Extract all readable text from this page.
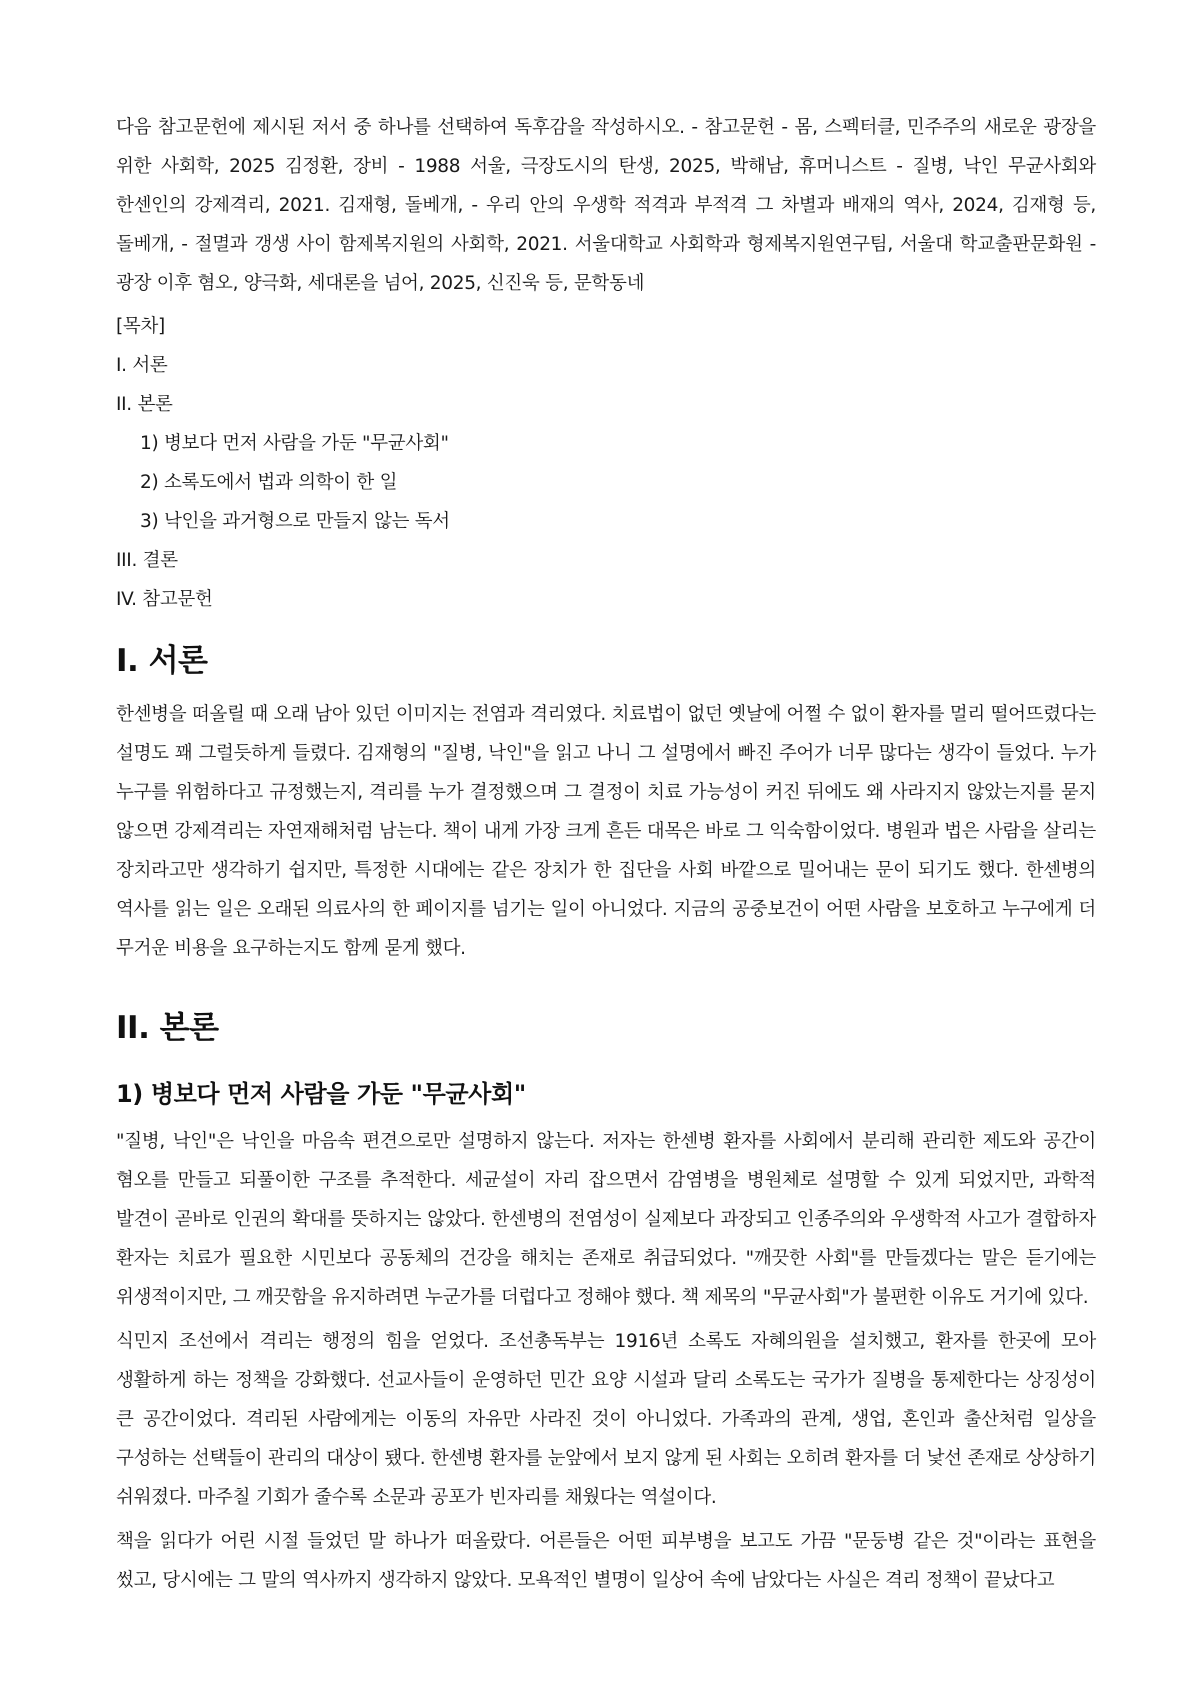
다음 참고문헌에 제시된 저서 중 하나를 선택하여 독후감을 작성하시오. - 참고문헌 - 몸, 스펙터클, 민주주의 새로운 광장을 위한 사회학, 2025 김정환, 장비 - 1988 서울, 극장도시의 탄생, 2025, 박해남, 휴머니스트 - 질병, 낙인 무균사회와 한센인의 강제격리, 2021. 김재형, 돌베개, - 우리 안의 우생학 적격과 부적격 그 차별과 배재의 역사, 2024, 김재형 등, 돌베개, - 절멸과 갱생 사이 함제복지원의 사회학, 2021. 서울대학교 사회학과 형제복지원연구팀, 서울대 학교출판문화원 - 광장 이후 혐오, 양극화, 세대론을 넘어, 2025, 신진욱 등, 문학동네

[목차]
I. 서론
II. 본론
1) 병보다 먼저 사람을 가둔 "무균사회"
2) 소록도에서 법과 의학이 한 일
3) 낙인을 과거형으로 만들지 않는 독서
III. 결론
IV. 참고문헌
I. 서론

한센병을 떠올릴 때 오래 남아 있던 이미지는 전염과 격리였다. 치료법이 없던 옛날에 어쩔 수 없이 환자를 멀리 떨어뜨렸다는 설명도 꽤 그럴듯하게 들렸다. 김재형의 "질병, 낙인"을 읽고 나니 그 설명에서 빠진 주어가 너무 많다는 생각이 들었다. 누가 누구를 위험하다고 규정했는지, 격리를 누가 결정했으며 그 결정이 치료 가능성이 커진 뒤에도 왜 사라지지 않았는지를 묻지 않으면 강제격리는 자연재해처럼 남는다. 책이 내게 가장 크게 흔든 대목은 바로 그 익숙함이었다. 병원과 법은 사람을 살리는 장치라고만 생각하기 쉽지만, 특정한 시대에는 같은 장치가 한 집단을 사회 바깥으로 밀어내는 문이 되기도 했다. 한센병의 역사를 읽는 일은 오래된 의료사의 한 페이지를 넘기는 일이 아니었다. 지금의 공중보건이 어떤 사람을 보호하고 누구에게 더 무거운 비용을 요구하는지도 함께 묻게 했다.

II. 본론
1) 병보다 먼저 사람을 가둔 "무균사회"

"질병, 낙인"은 낙인을 마음속 편견으로만 설명하지 않는다. 저자는 한센병 환자를 사회에서 분리해 관리한 제도와 공간이 혐오를 만들고 되풀이한 구조를 추적한다. 세균설이 자리 잡으면서 감염병을 병원체로 설명할 수 있게 되었지만, 과학적 발견이 곧바로 인권의 확대를 뜻하지는 않았다. 한센병의 전염성이 실제보다 과장되고 인종주의와 우생학적 사고가 결합하자 환자는 치료가 필요한 시민보다 공동체의 건강을 해치는 존재로 취급되었다. "깨끗한 사회"를 만들겠다는 말은 듣기에는 위생적이지만, 그 깨끗함을 유지하려면 누군가를 더럽다고 정해야 했다. 책 제목의 "무균사회"가 불편한 이유도 거기에 있다.

식민지 조선에서 격리는 행정의 힘을 얻었다. 조선총독부는 1916년 소록도 자혜의원을 설치했고, 환자를 한곳에 모아 생활하게 하는 정책을 강화했다. 선교사들이 운영하던 민간 요양 시설과 달리 소록도는 국가가 질병을 통제한다는 상징성이 큰 공간이었다. 격리된 사람에게는 이동의 자유만 사라진 것이 아니었다. 가족과의 관계, 생업, 혼인과 출산처럼 일상을 구성하는 선택들이 관리의 대상이 됐다. 한센병 환자를 눈앞에서 보지 않게 된 사회는 오히려 환자를 더 낯선 존재로 상상하기 쉬워졌다. 마주칠 기회가 줄수록 소문과 공포가 빈자리를 채웠다는 역설이다.

책을 읽다가 어린 시절 들었던 말 하나가 떠올랐다. 어른들은 어떤 피부병을 보고도 가끔 "문둥병 같은 것"이라는 표현을 썼고, 당시에는 그 말의 역사까지 생각하지 않았다. 모욕적인 별명이 일상어 속에 남았다는 사실은 격리 정책이 끝났다고
